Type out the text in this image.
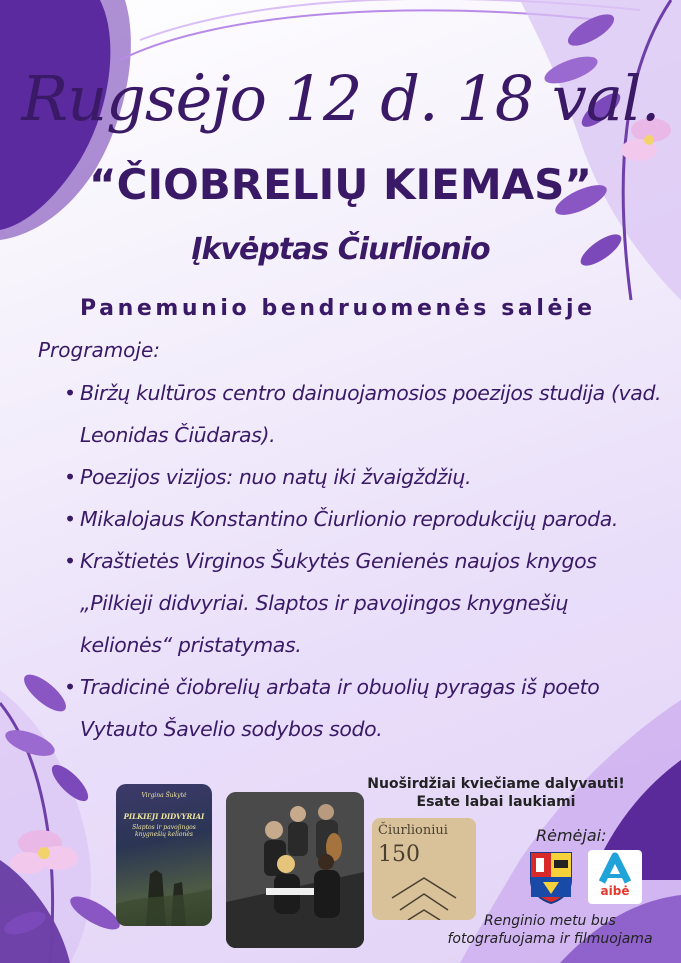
Rugsėjo 12 d. 18 val.
“ČIOBRELIŲ KIEMAS”
Įkvėptas Čiurlionio
Panemunio bendruomenės salėje
Programoje:
• Biržų kultūros centro dainuojamosios poezijos studija (vad. Leonidas Čiūdaras).
• Poezijos vizijos: nuo natų iki žvaigždžių.
• Mikalojaus Konstantino Čiurlionio reprodukcijų paroda.
• Kraštietės Virginos Šukytės Genienės naujos knygos „Pilkieji didvyriai. Slaptos ir pavojingos knygnešių kelionės“ pristatymas.
• Tradicinė čiobrelių arbata ir obuolių pyragas iš poeto Vytauto Šavelio sodybos sodo.
Nuoširdžiai kviečiame dalyvauti!
Esate labai laukiami
Virgina Šukytė
PILKIEJI DIDVYRIAI
Slaptos ir pavojingos knygnešių kelionės	Čiurlioniui
150
Rėmėjai:
aibė
Renginio metu bus
fotografuojama ir filmuojama
